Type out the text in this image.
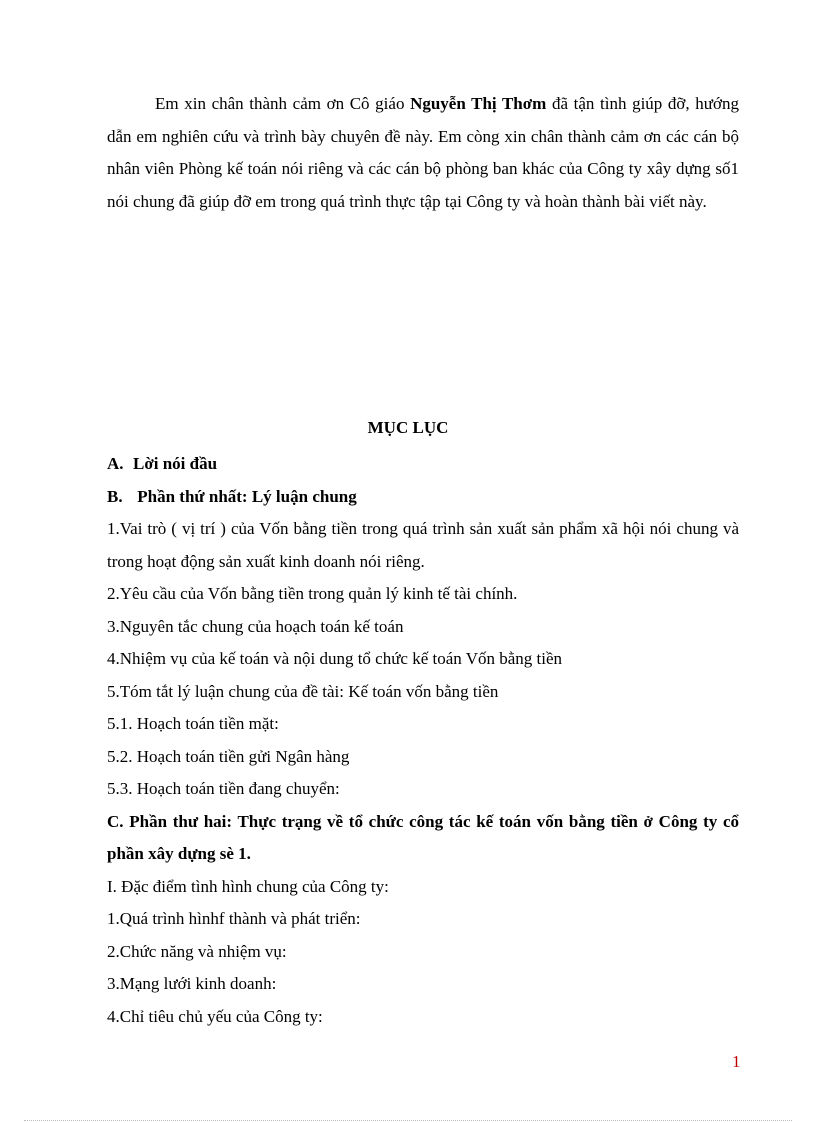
Em xin chân thành cảm ơn Cô giáo Nguyễn Thị Thơm đã tận tình giúp đỡ, hướng dẫn em nghiên cứu và trình bày chuyên đề này. Em còng xin chân thành cảm ơn các cán bộ nhân viên Phòng kế toán nói riêng và các cán bộ phòng ban khác của Công ty xây dựng số1 nói chung đã giúp đỡ em trong quá trình thực tập tại Công ty và hoàn thành bài viết này.

MỤC LỤC

A. Lời nói đầu
B. Phần thứ nhất: Lý luận chung
1.Vai trò ( vị trí ) của Vốn bằng tiền trong quá trình sản xuất sản phẩm xã hội nói chung và trong hoạt động sản xuất kinh doanh nói riêng.
2.Yêu cầu của Vốn bằng tiền trong quản lý kinh tế tài chính.
3.Nguyên tắc chung của hoạch toán kế toán
4.Nhiệm vụ của kế toán và nội dung tổ chức kế toán Vốn bằng tiền
5.Tóm tắt lý luận chung của đề tài: Kế toán vốn bằng tiền
5.1. Hoạch toán tiền mặt:
5.2. Hoạch toán tiền gửi Ngân hàng
5.3. Hoạch toán tiền đang chuyển:
C. Phần thư hai: Thực trạng về tổ chức công tác kế toán vốn bằng tiền ở Công ty cổ phần xây dựng sè 1.
I. Đặc điểm tình hình chung của Công ty:
1.Quá trình hìnhf thành và phát triển:
2.Chức năng và nhiệm vụ:
3.Mạng lưới kinh doanh:
4.Chỉ tiêu chủ yếu của Công ty:
1
